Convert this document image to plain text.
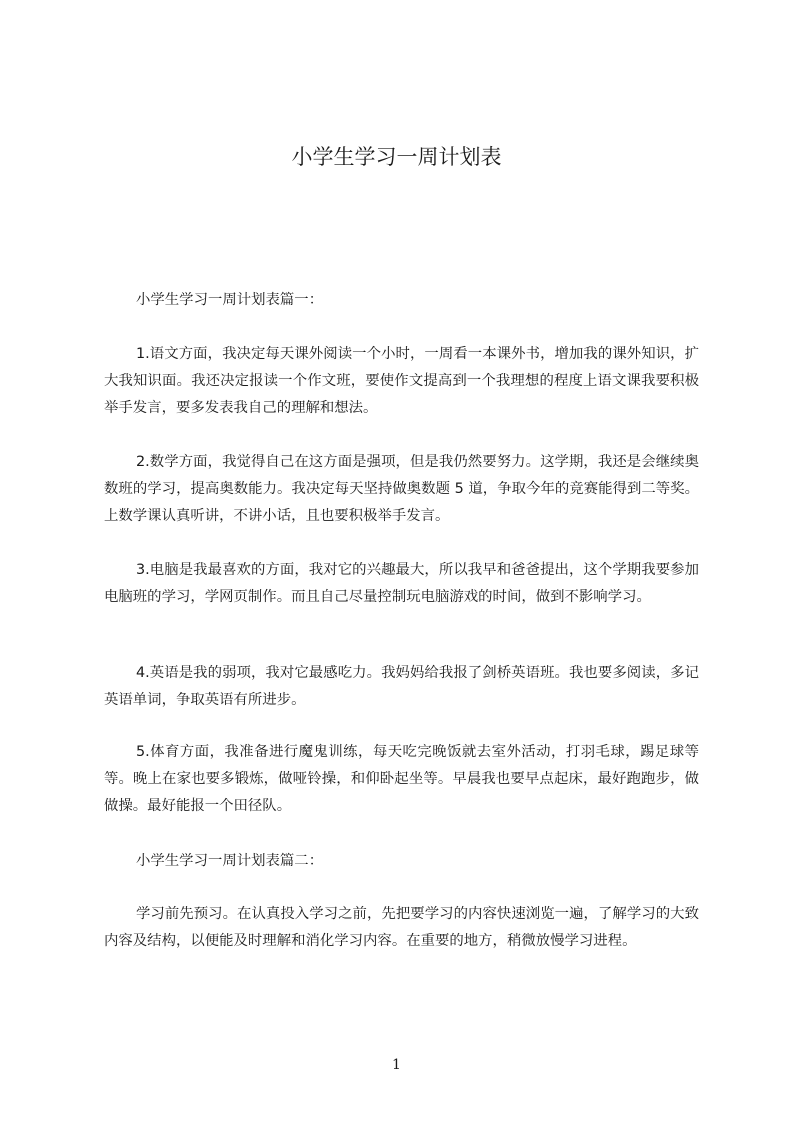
小学生学习一周计划表

小学生学习一周计划表篇一：

1.语文方面，我决定每天课外阅读一个小时，一周看一本课外书，增加我的课外知识，扩大我知识面。我还决定报读一个作文班，要使作文提高到一个我理想的程度上语文课我要积极举手发言，要多发表我自己的理解和想法。

2.数学方面，我觉得自己在这方面是强项，但是我仍然要努力。这学期，我还是会继续奥数班的学习，提高奥数能力。我决定每天坚持做奥数题 5 道，争取今年的竞赛能得到二等奖。上数学课认真听讲，不讲小话，且也要积极举手发言。

3.电脑是我最喜欢的方面，我对它的兴趣最大，所以我早和爸爸提出，这个学期我要参加电脑班的学习，学网页制作。而且自己尽量控制玩电脑游戏的时间，做到不影响学习。

4.英语是我的弱项，我对它最感吃力。我妈妈给我报了剑桥英语班。我也要多阅读，多记英语单词，争取英语有所进步。

5.体育方面，我准备进行魔鬼训练，每天吃完晚饭就去室外活动，打羽毛球，踢足球等等。晚上在家也要多锻炼，做哑铃操，和仰卧起坐等。早晨我也要早点起床，最好跑跑步，做做操。最好能报一个田径队。

小学生学习一周计划表篇二：

学习前先预习。在认真投入学习之前，先把要学习的内容快速浏览一遍，了解学习的大致内容及结构，以便能及时理解和消化学习内容。在重要的地方，稍微放慢学习进程。

1
